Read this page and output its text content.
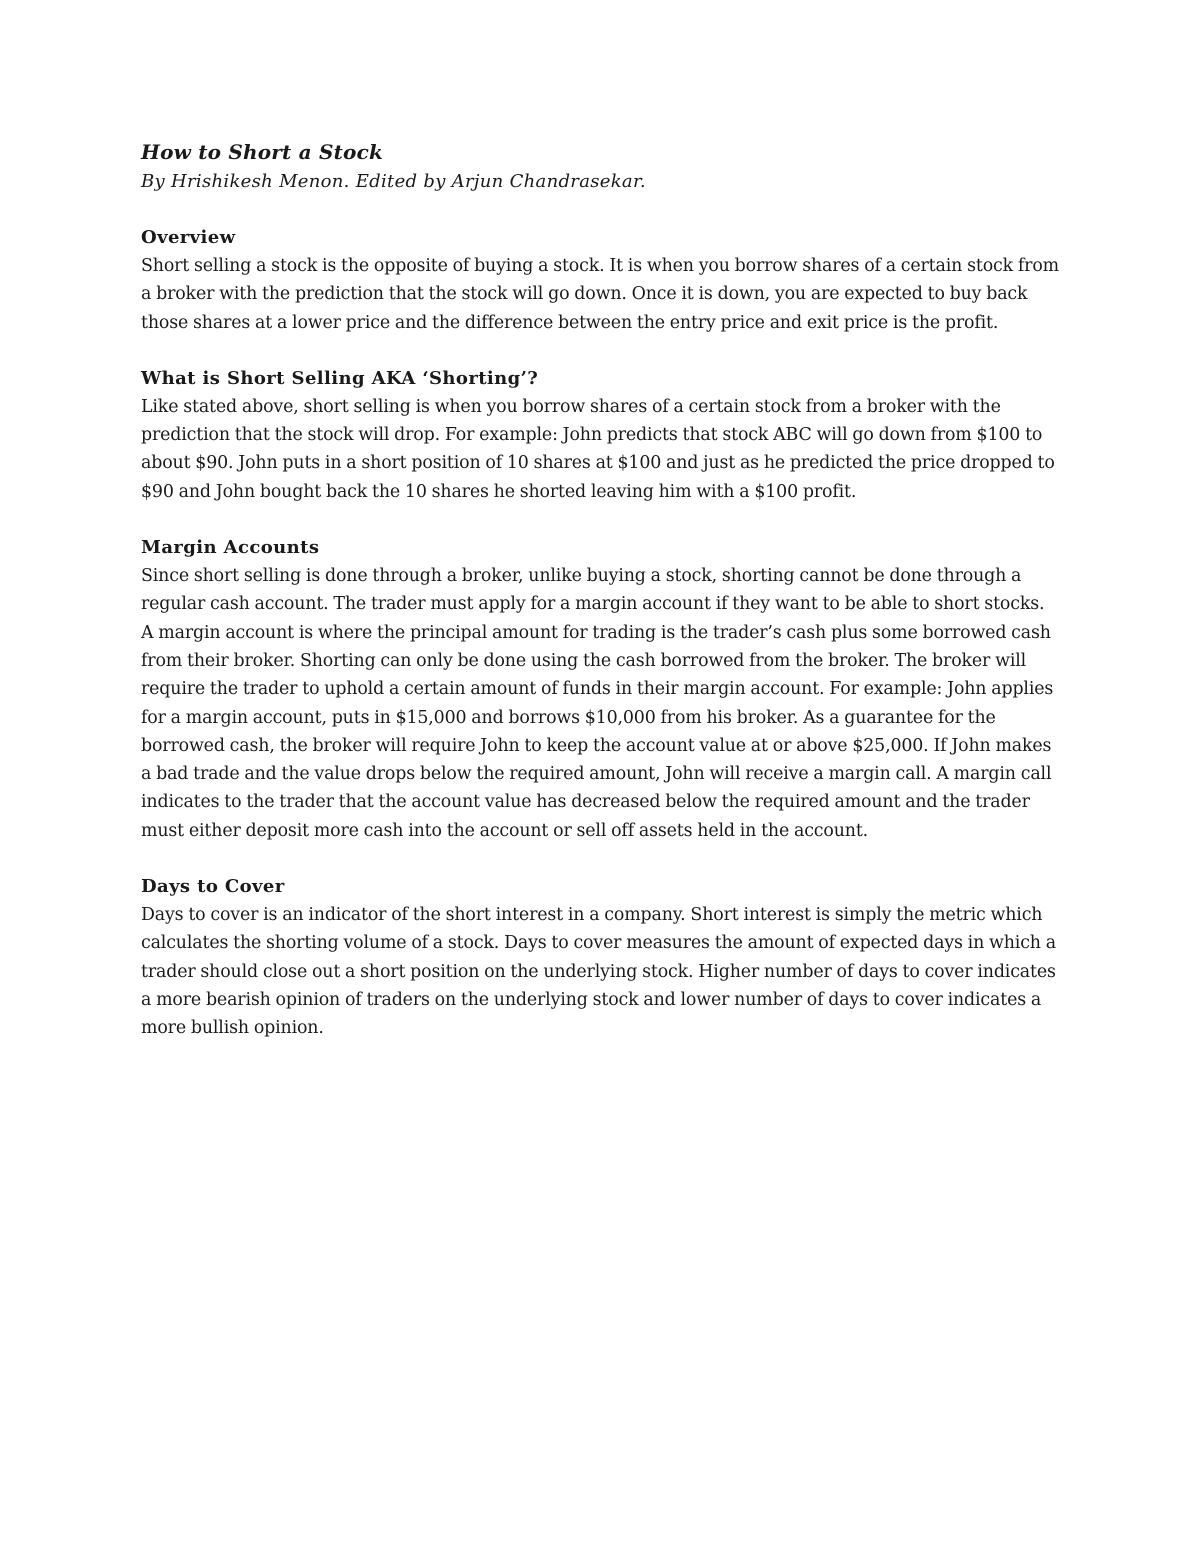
How to Short a Stock

By Hrishikesh Menon. Edited by Arjun Chandrasekar.

Overview

Short selling a stock is the opposite of buying a stock. It is when you borrow shares of a certain stock from a broker with the prediction that the stock will go down. Once it is down, you are expected to buy back those shares at a lower price and the difference between the entry price and exit price is the profit.

What is Short Selling AKA ‘Shorting’?

Like stated above, short selling is when you borrow shares of a certain stock from a broker with the prediction that the stock will drop. For example: John predicts that stock ABC will go down from $100 to about $90. John puts in a short position of 10 shares at $100 and just as he predicted the price dropped to $90 and John bought back the 10 shares he shorted leaving him with a $100 profit.

Margin Accounts

Since short selling is done through a broker, unlike buying a stock, shorting cannot be done through a regular cash account. The trader must apply for a margin account if they want to be able to short stocks. A margin account is where the principal amount for trading is the trader’s cash plus some borrowed cash from their broker. Shorting can only be done using the cash borrowed from the broker. The broker will require the trader to uphold a certain amount of funds in their margin account. For example: John applies for a margin account, puts in $15,000 and borrows $10,000 from his broker. As a guarantee for the borrowed cash, the broker will require John to keep the account value at or above $25,000. If John makes a bad trade and the value drops below the required amount, John will receive a margin call. A margin call indicates to the trader that the account value has decreased below the required amount and the trader must either deposit more cash into the account or sell off assets held in the account.

Days to Cover

Days to cover is an indicator of the short interest in a company. Short interest is simply the metric which calculates the shorting volume of a stock. Days to cover measures the amount of expected days in which a trader should close out a short position on the underlying stock. Higher number of days to cover indicates a more bearish opinion of traders on the underlying stock and lower number of days to cover indicates a more bullish opinion.
